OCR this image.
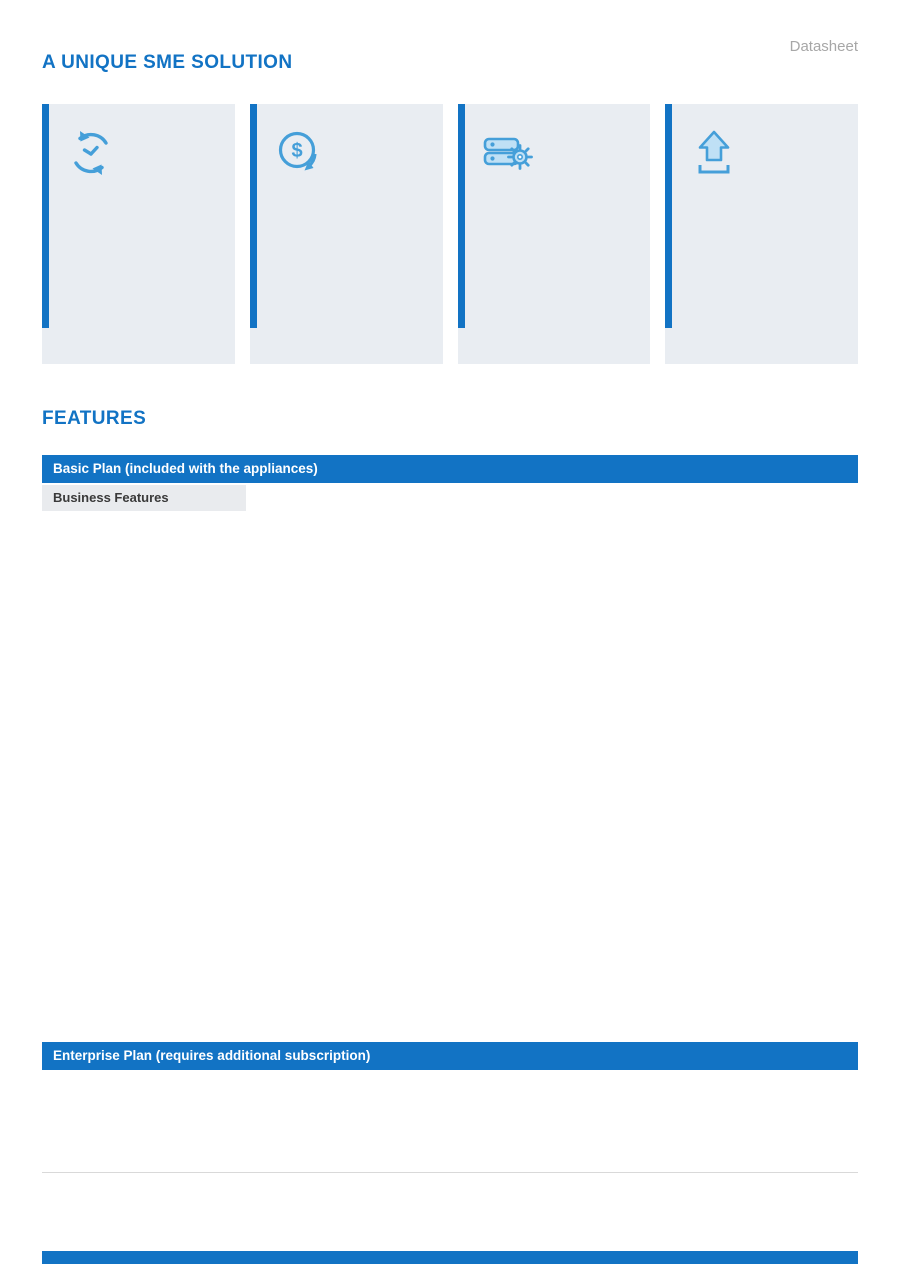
Datasheet
A UNIQUE SME SOLUTION

$

FEATURES
Basic Plan (included with the appliances)
Business Features
Enterprise Plan (requires additional subscription)
